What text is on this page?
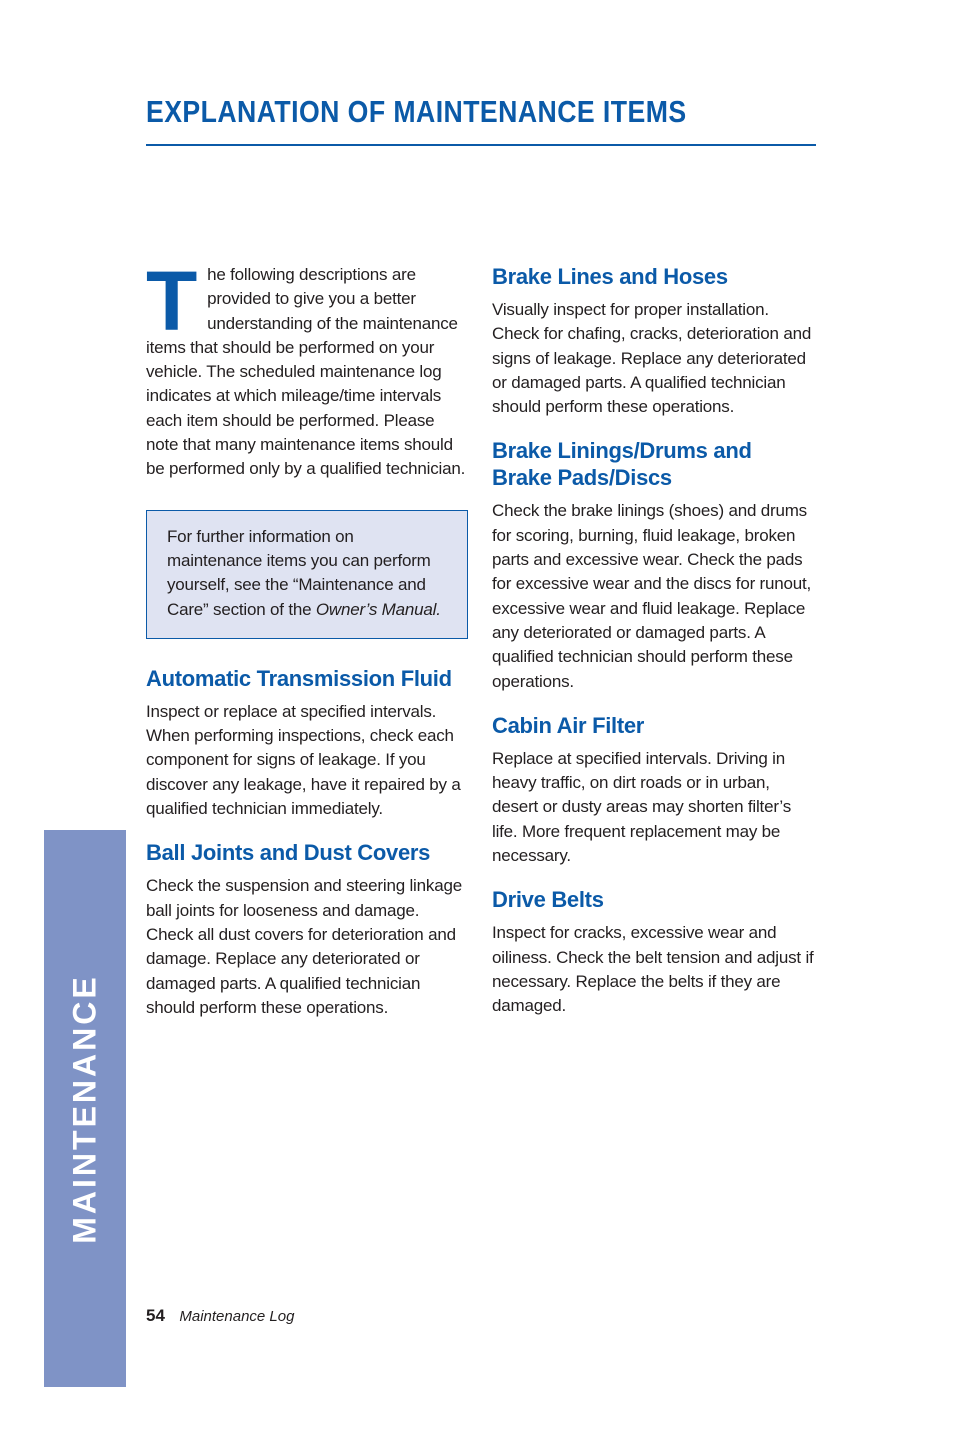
EXPLANATION OF MAINTENANCE ITEMS

T he following descriptions are provided to give you a better understanding of the maintenance items that should be performed on your vehicle. The scheduled maintenance log indicates at which mileage/time intervals each item should be performed. Please note that many maintenance items should be performed only by a qualified technician.

For further information on maintenance items you can perform yourself, see the “Maintenance and Care” section of the Owner’s Manual.

Automatic Transmission Fluid

Inspect or replace at specified intervals. When performing inspections, check each component for signs of leakage. If you discover any leakage, have it repaired by a qualified technician immediately.

Ball Joints and Dust Covers

Check the suspension and steering linkage ball joints for looseness and damage. Check all dust covers for deterioration and damage. Replace any deteriorated or damaged parts. A qualified technician should perform these operations.

Brake Lines and Hoses

Visually inspect for proper installation. Check for chafing, cracks, deterioration and signs of leakage. Replace any deteriorated or damaged parts. A qualified technician should perform these operations.

Brake Linings/Drums and Brake Pads/Discs

Check the brake linings (shoes) and drums for scoring, burning, fluid leakage, broken parts and excessive wear. Check the pads for excessive wear and the discs for runout, excessive wear and fluid leakage. Replace any deteriorated or damaged parts. A qualified technician should perform these operations.

Cabin Air Filter

Replace at specified intervals. Driving in heavy traffic, on dirt roads or in urban, desert or dusty areas may shorten filter’s life. More frequent replacement may be necessary.

Drive Belts

Inspect for cracks, excessive wear and oiliness. Check the belt tension and adjust if necessary. Replace the belts if they are damaged.

MAINTENANCE
54 Maintenance Log
